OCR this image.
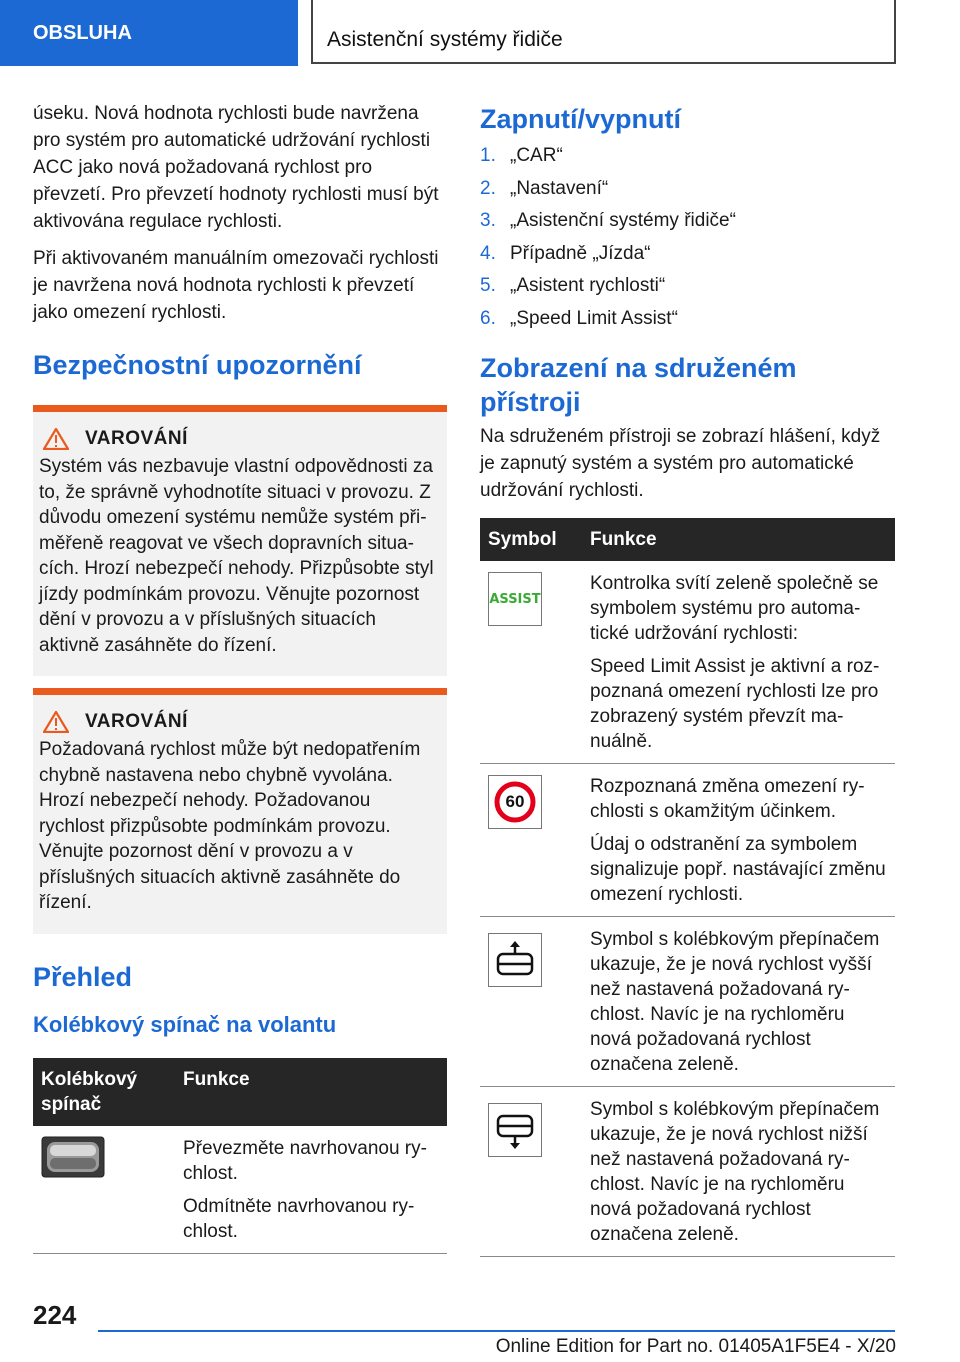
OBSLUHA	Asistenční systémy řidiče

úseku. Nová hodnota rychlosti bude navržena pro systém pro automatické udržování rychlosti ACC jako nová požadovaná rychlost pro převzetí. Pro převzetí hodnoty rychlosti musí být aktivována regulace rychlosti.

Při aktivovaném manuálním omezovači rychlosti je navržena nová hodnota rychlosti k převzetí jako omezení rychlosti.

Bezpečnostní upozornění
VAROVÁNÍ

Systém vás nezbavuje vlastní odpovědnosti za to, že správně vyhodnotíte situaci v provozu. Z důvodu omezení systému nemůže systém přiměřeně reagovat ve všech dopravních situacích. Hrozí nebezpečí nehody. Přizpůsobte styl jízdy podmínkám provozu. Věnujte pozornost dění v provozu a v příslušných situacích aktivně zasáhněte do řízení.

VAROVÁNÍ

Požadovaná rychlost může být nedopatřením chybně nastavena nebo chybně vyvolána. Hrozí nebezpečí nehody. Požadovanou rychlost přizpůsobte podmínkám provozu. Věnujte pozornost dění v provozu a v příslušných situacích aktivně zasáhněte do řízení.

Přehled
Kolébkový spínač na volantu
Kolébkový spínač	Funkce

Převezměte navrhovanou rychlost.

Odmítněte navrhovanou rychlost.

Zapnutí/vypnutí
1. „CAR“
2. „Nastavení“
3. „Asistenční systémy řidiče“
4. Případně „Jízda“
5. „Asistent rychlosti“
6. „Speed Limit Assist“
Zobrazení na sdruženém přístroji

Na sdruženém přístroji se zobrazí hlášení, když je zapnutý systém a systém pro automatické udržování rychlosti.

Symbol	Funkce

ASSIST	Kontrolka svítí zeleně společně se symbolem systému pro automatické udržování rychlosti:

Speed Limit Assist je aktivní a rozpoznaná omezení rychlosti lze pro zobrazený systém převzít manuálně.

60	Rozpoznaná změna omezení rychlosti s okamžitým účinkem.

Údaj o odstranění za symbolem signalizuje popř. nastávající změnu omezení rychlosti.

Symbol s kolébkovým přepínačem ukazuje, že je nová rychlost vyšší než nastavená požadovaná rychlost. Navíc je na rychloměru nová požadovaná rychlost označena zeleně.

Symbol s kolébkovým přepínačem ukazuje, že je nová rychlost nižší než nastavená požadovaná rychlost. Navíc je na rychloměru nová požadovaná rychlost označena zeleně.

224
Online Edition for Part no. 01405A1F5E4 - X/20
